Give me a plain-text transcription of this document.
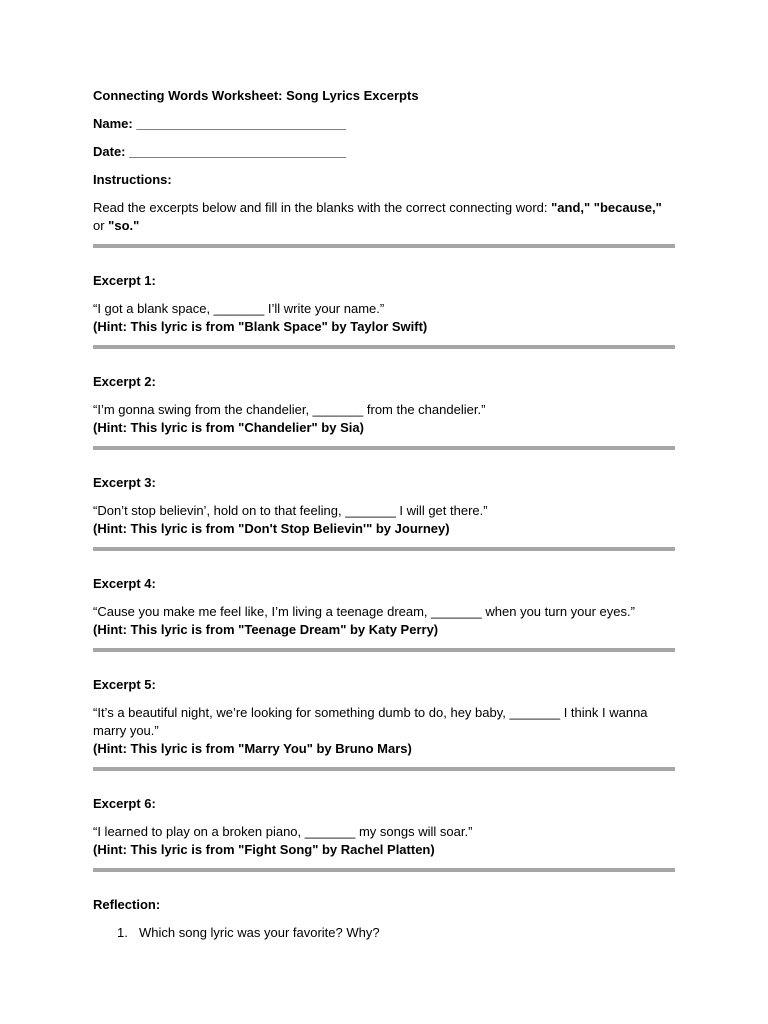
Connecting Words Worksheet: Song Lyrics Excerpts
Name: _____________________________
Date: ______________________________
Instructions:
Read the excerpts below and fill in the blanks with the correct connecting word: "and," "because," or "so."
Excerpt 1:
“I got a blank space, _______ I’ll write your name.”
(Hint: This lyric is from "Blank Space" by Taylor Swift)
Excerpt 2:
“I’m gonna swing from the chandelier, _______ from the chandelier.”
(Hint: This lyric is from "Chandelier" by Sia)
Excerpt 3:
“Don’t stop believin’, hold on to that feeling, _______ I will get there.”
(Hint: This lyric is from "Don't Stop Believin'" by Journey)
Excerpt 4:
“Cause you make me feel like, I’m living a teenage dream, _______ when you turn your eyes.”
(Hint: This lyric is from "Teenage Dream" by Katy Perry)
Excerpt 5:
“It’s a beautiful night, we’re looking for something dumb to do, hey baby, _______ I think I wanna marry you.”
(Hint: This lyric is from "Marry You" by Bruno Mars)
Excerpt 6:
“I learned to play on a broken piano, _______ my songs will soar.”
(Hint: This lyric is from "Fight Song" by Rachel Platten)
Reflection:
1. Which song lyric was your favorite? Why?
